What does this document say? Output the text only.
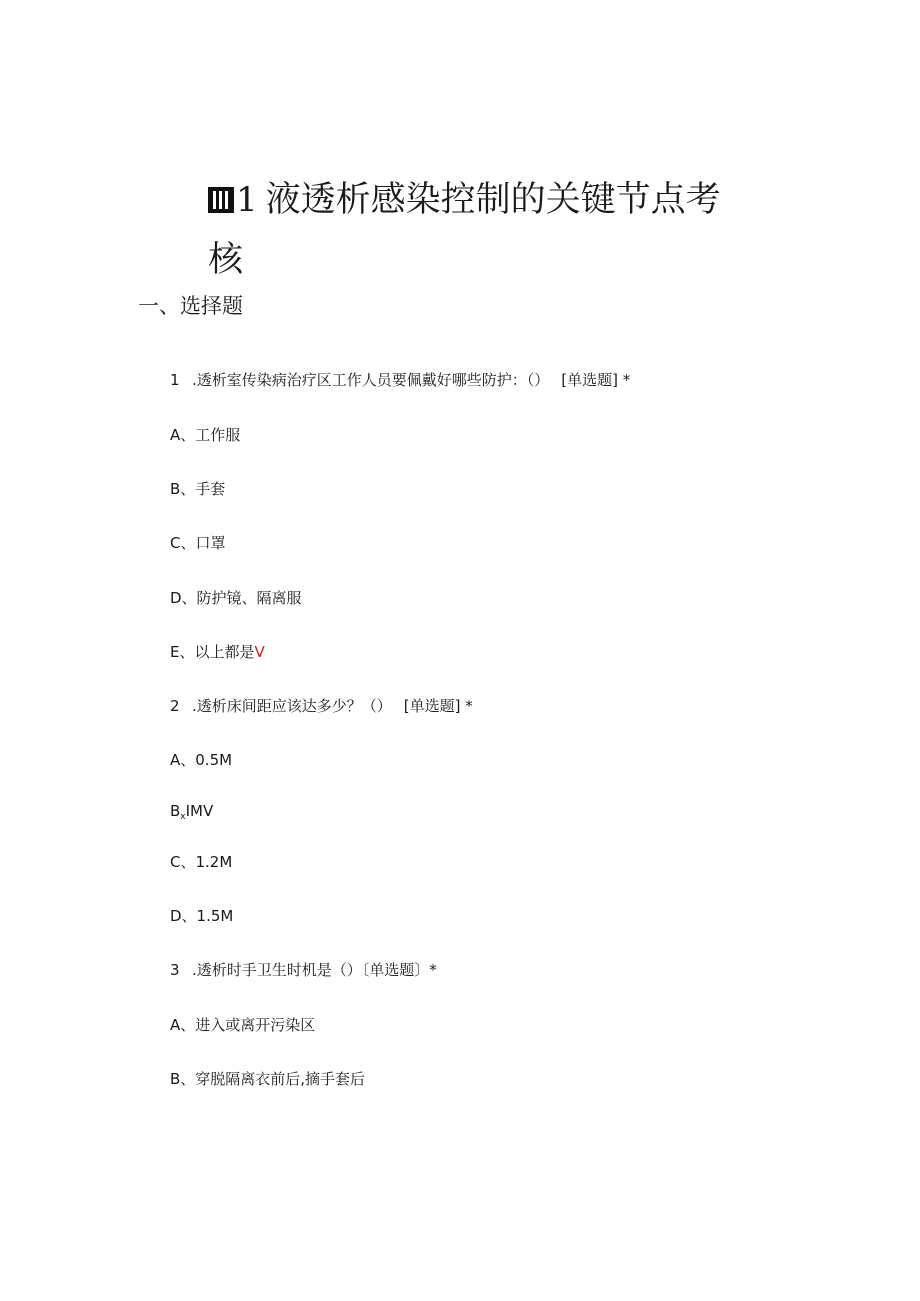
1 液透析感染控制的关键节点考
核
一、选择题
1 .透析室传染病治疗区工作人员要佩戴好哪些防护：（） [单选题] *
A、工作服
B、手套
C、口罩
D、防护镜、隔离服
E、以上都是V
2 .透析床间距应该达多少？（） [单选题] *
A、0.5M
$B_xIMV$
C、1.2M
D、1.5M
3 .透析时手卫生时机是（）〔单选题〕*
A、进入或离开污染区
B、穿脱隔离衣前后,摘手套后
